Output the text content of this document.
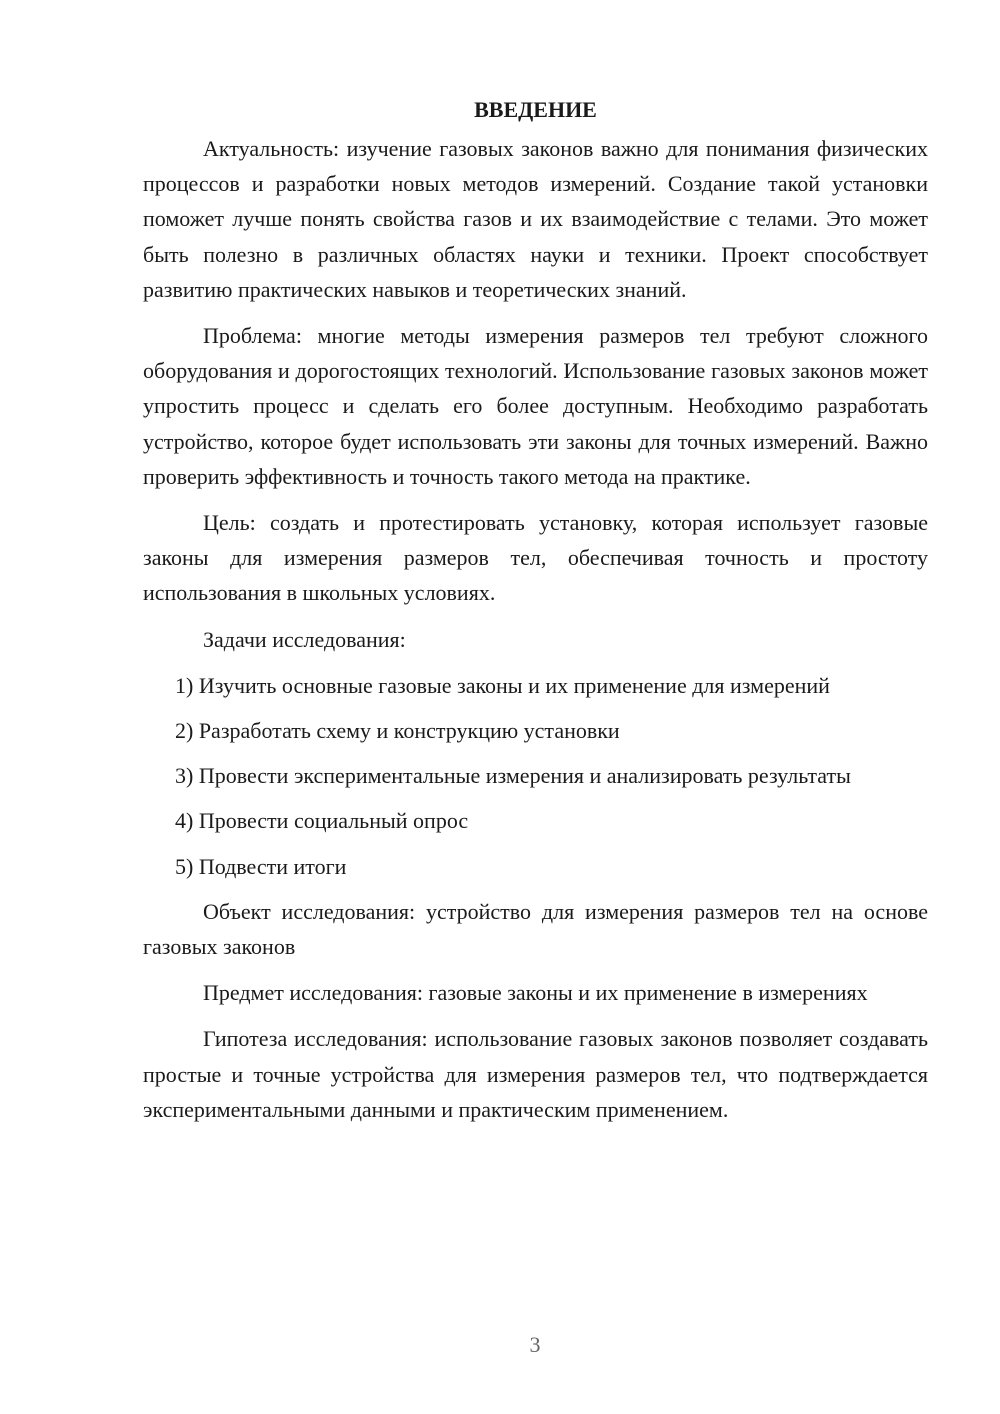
ВВЕДЕНИЕ

Актуальность: изучение газовых законов важно для понимания физических процессов и разработки новых методов измерений. Создание такой установки поможет лучше понять свойства газов и их взаимодействие с телами. Это может быть полезно в различных областях науки и техники. Проект способствует развитию практических навыков и теоретических знаний.

Проблема: многие методы измерения размеров тел требуют сложного оборудования и дорогостоящих технологий. Использование газовых законов может упростить процесс и сделать его более доступным. Необходимо разработать устройство, которое будет использовать эти законы для точных измерений. Важно проверить эффективность и точность такого метода на практике.

Цель: создать и протестировать установку, которая использует газовые законы для измерения размеров тел, обеспечивая точность и простоту использования в школьных условиях.

Задачи исследования:

1) Изучить основные газовые законы и их применение для измерений

2) Разработать схему и конструкцию установки

3) Провести экспериментальные измерения и анализировать результаты

4) Провести социальный опрос

5) Подвести итоги

Объект исследования: устройство для измерения размеров тел на основе газовых законов

Предмет исследования: газовые законы и их применение в измерениях

Гипотеза исследования: использование газовых законов позволяет создавать простые и точные устройства для измерения размеров тел, что подтверждается экспериментальными данными и практическим применением.

3
